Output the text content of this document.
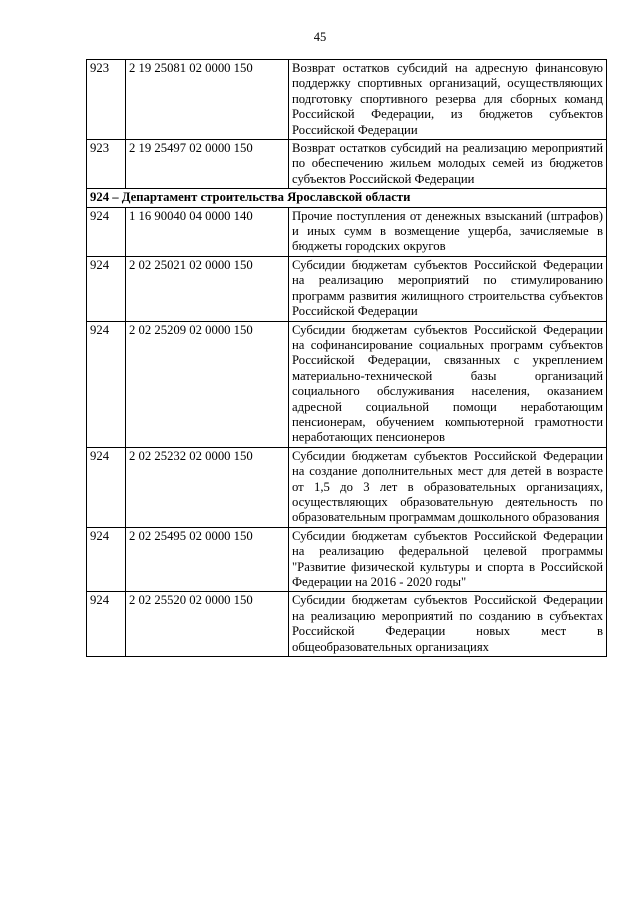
45
923	2 19 25081 02 0000 150	Возврат остатков субсидий на адресную финансовую поддержку спортивных организаций, осуществляющих подготовку спортивного резерва для сборных команд Российской Федерации, из бюджетов субъектов Российской Федерации
923	2 19 25497 02 0000 150	Возврат остатков субсидий на реализацию мероприятий по обеспечению жильем молодых семей из бюджетов субъектов Российской Федерации
924 – Департамент строительства Ярославской области		
924	1 16 90040 04 0000 140	Прочие поступления от денежных взысканий (штрафов) и иных сумм в возмещение ущерба, зачисляемые в бюджеты городских округов
924	2 02 25021 02 0000 150	Субсидии бюджетам субъектов Российской Федерации на реализацию мероприятий по стимулированию программ развития жилищного строительства субъектов Российской Федерации
924	2 02 25209 02 0000 150	Субсидии бюджетам субъектов Российской Федерации на софинансирование социальных программ субъектов Российской Федерации, связанных с укреплением материально-технической базы организаций социального обслуживания населения, оказанием адресной социальной помощи неработающим пенсионерам, обучением компьютерной грамотности неработающих пенсионеров
924	2 02 25232 02 0000 150	Субсидии бюджетам субъектов Российской Федерации на создание дополнительных мест для детей в возрасте от 1,5 до 3 лет в образовательных организациях, осуществляющих образовательную деятельность по образовательным программам дошкольного образования
924	2 02 25495 02 0000 150	Субсидии бюджетам субъектов Российской Федерации на реализацию федеральной целевой программы "Развитие физической культуры и спорта в Российской Федерации на 2016 - 2020 годы"
924	2 02 25520 02 0000 150	Субсидии бюджетам субъектов Российской Федерации на реализацию мероприятий по созданию в субъектах Российской Федерации новых мест в общеобразовательных организациях
